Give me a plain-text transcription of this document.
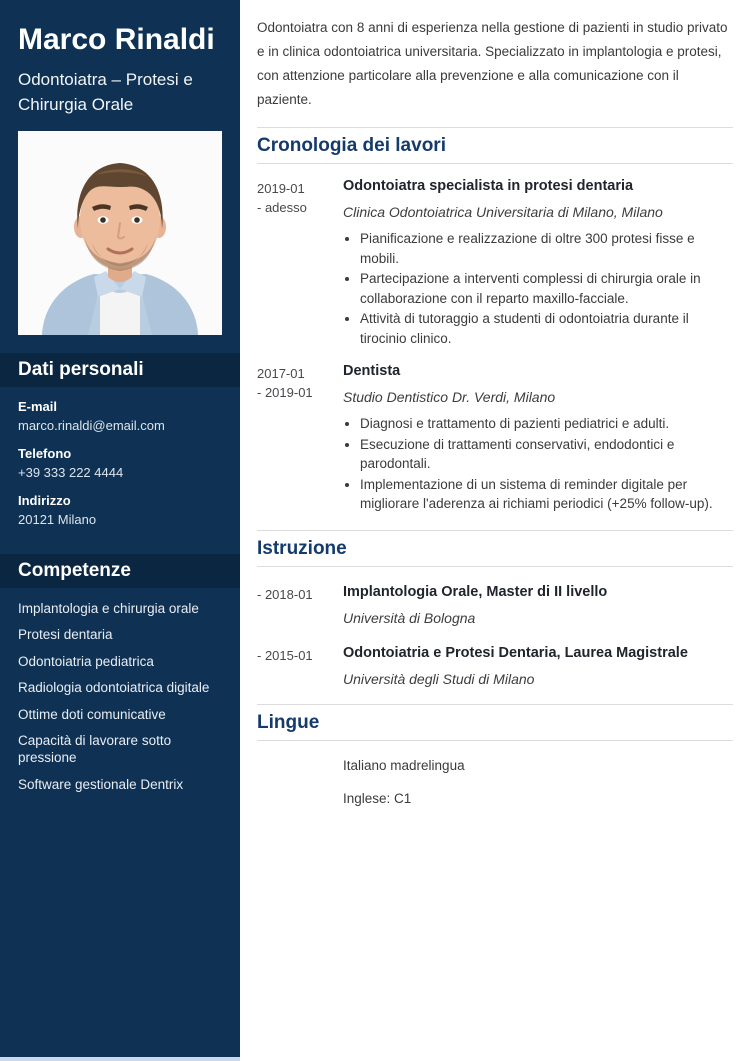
Marco Rinaldi
Odontoiatra – Protesi e Chirurgia Orale
Dati personali
E-mail
marco.rinaldi@email.com
Telefono
+39 333 222 4444
Indirizzo
20121 Milano
Competenze
Implantologia e chirurgia orale
Protesi dentaria
Odontoiatria pediatrica
Radiologia odontoiatrica digitale
Ottime doti comunicative
Capacità di lavorare sotto pressione
Software gestionale Dentrix

Odontoiatra con 8 anni di esperienza nella gestione di pazienti in studio privato e in clinica odontoiatrica universitaria. Specializzato in implantologia e protesi, con attenzione particolare alla prevenzione e alla comunicazione con il paziente.

Cronologia dei lavori
2019-01
- adesso
Odontoiatra specialista in protesi dentaria
Clinica Odontoiatrica Universitaria di Milano, Milano
• Pianificazione e realizzazione di oltre 300 protesi fisse e mobili.
• Partecipazione a interventi complessi di chirurgia orale in collaborazione con il reparto maxillo-facciale.
• Attività di tutoraggio a studenti di odontoiatria durante il tirocinio clinico.
2017-01
- 2019-01
Dentista
Studio Dentistico Dr. Verdi, Milano
• Diagnosi e trattamento di pazienti pediatrici e adulti.
• Esecuzione di trattamenti conservativi, endodontici e parodontali.
• Implementazione di un sistema di reminder digitale per migliorare l'aderenza ai richiami periodici (+25% follow-up).
Istruzione
- 2018-01	Implantologia Orale, Master di II livello
Università di Bologna
- 2015-01	Odontoiatria e Protesi Dentaria, Laurea Magistrale
Università degli Studi di Milano
Lingue
Italiano madrelingua
Inglese: C1
